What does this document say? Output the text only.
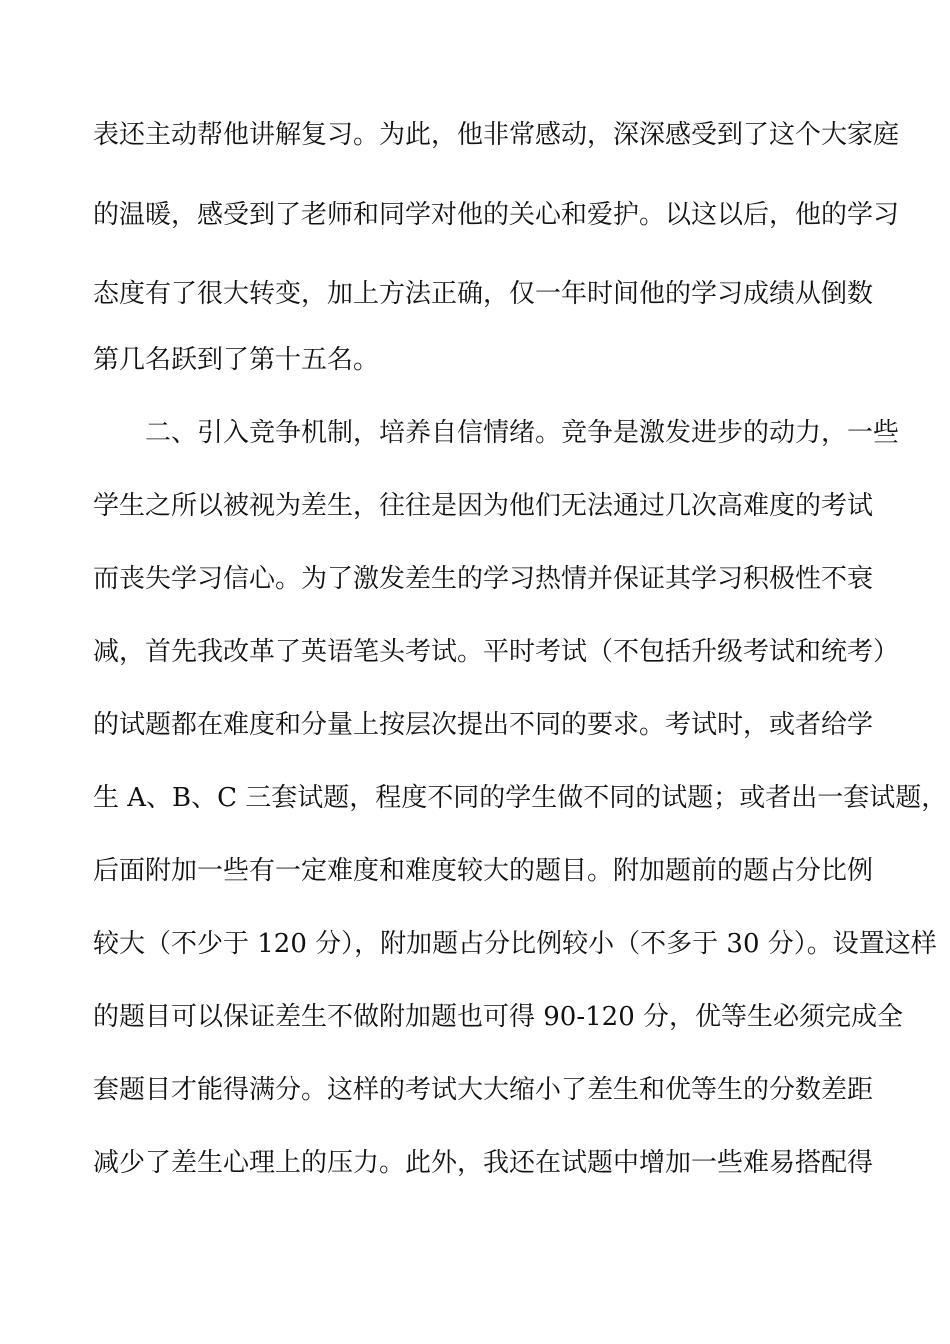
表还主动帮他讲解复习。为此，他非常感动，深深感受到了这个大家庭
的温暖，感受到了老师和同学对他的关心和爱护。以这以后，他的学习
态度有了很大转变，加上方法正确，仅一年时间他的学习成绩从倒数
第几名跃到了第十五名。
二、引入竞争机制，培养自信情绪。竞争是激发进步的动力，一些
学生之所以被视为差生，往往是因为他们无法通过几次高难度的考试
而丧失学习信心。为了激发差生的学习热情并保证其学习积极性不衰
减，首先我改革了英语笔头考试。平时考试（不包括升级考试和统考）
的试题都在难度和分量上按层次提出不同的要求。考试时，或者给学
生 A、B、C 三套试题，程度不同的学生做不同的试题；或者出一套试题，
后面附加一些有一定难度和难度较大的题目。附加题前的题占分比例
较大（不少于 120 分），附加题占分比例较小（不多于 30 分）。设置这样
的题目可以保证差生不做附加题也可得 90-120 分，优等生必须完成全
套题目才能得满分。这样的考试大大缩小了差生和优等生的分数差距
减少了差生心理上的压力。此外，我还在试题中增加一些难易搭配得
